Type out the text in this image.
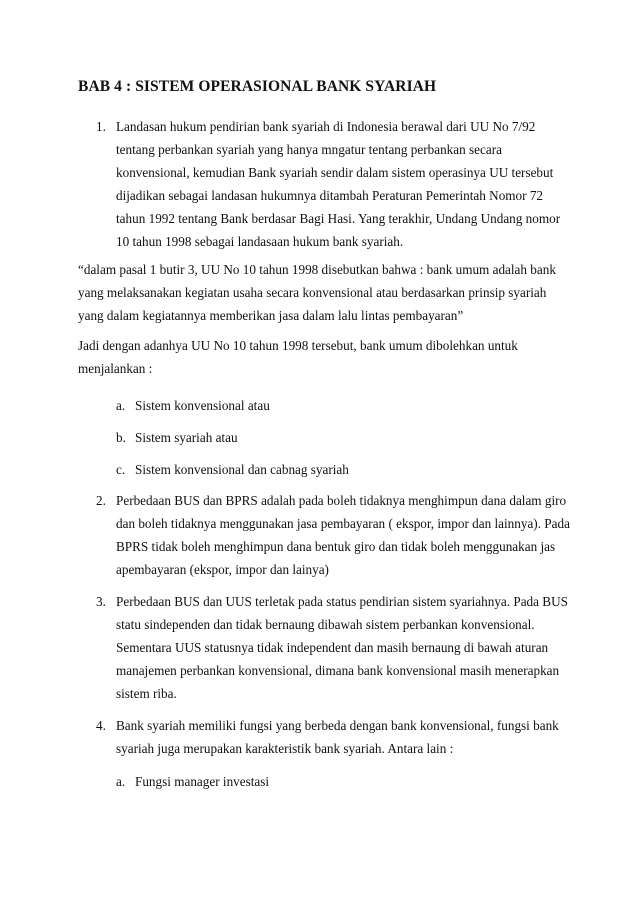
BAB 4 : SISTEM OPERASIONAL BANK SYARIAH
1. Landasan hukum pendirian bank syariah di Indonesia berawal dari UU No 7/92
tentang perbankan syariah yang hanya mngatur tentang perbankan secara
konvensional, kemudian Bank syariah sendir dalam sistem operasinya UU tersebut
dijadikan sebagai landasan hukumnya ditambah Peraturan Pemerintah Nomor 72
tahun 1992 tentang Bank berdasar Bagi Hasi. Yang terakhir, Undang Undang nomor
10 tahun 1998 sebagai landasaan hukum bank syariah.
“dalam pasal 1 butir 3, UU No 10 tahun 1998 disebutkan bahwa : bank umum adalah bank
yang melaksanakan kegiatan usaha secara konvensional atau berdasarkan prinsip syariah
yang dalam kegiatannya memberikan jasa dalam lalu lintas pembayaran”
Jadi dengan adanhya UU No 10 tahun 1998 tersebut, bank umum dibolehkan untuk
menjalankan :
a. Sistem konvensional atau
b. Sistem syariah atau
c. Sistem konvensional dan cabnag syariah
2. Perbedaan BUS dan BPRS adalah pada boleh tidaknya menghimpun dana dalam giro
dan boleh tidaknya menggunakan jasa pembayaran ( ekspor, impor dan lainnya). Pada
BPRS tidak boleh menghimpun dana bentuk giro dan tidak boleh menggunakan jas
apembayaran (ekspor, impor dan lainya)
3. Perbedaan BUS dan UUS terletak pada status pendirian sistem syariahnya. Pada BUS
statu sindependen dan tidak bernaung dibawah sistem perbankan konvensional.
Sementara UUS statusnya tidak independent dan masih bernaung di bawah aturan
manajemen perbankan konvensional, dimana bank konvensional masih menerapkan
sistem riba.
4. Bank syariah memiliki fungsi yang berbeda dengan bank konvensional, fungsi bank
syariah juga merupakan karakteristik bank syariah. Antara lain :
a. Fungsi manager investasi
